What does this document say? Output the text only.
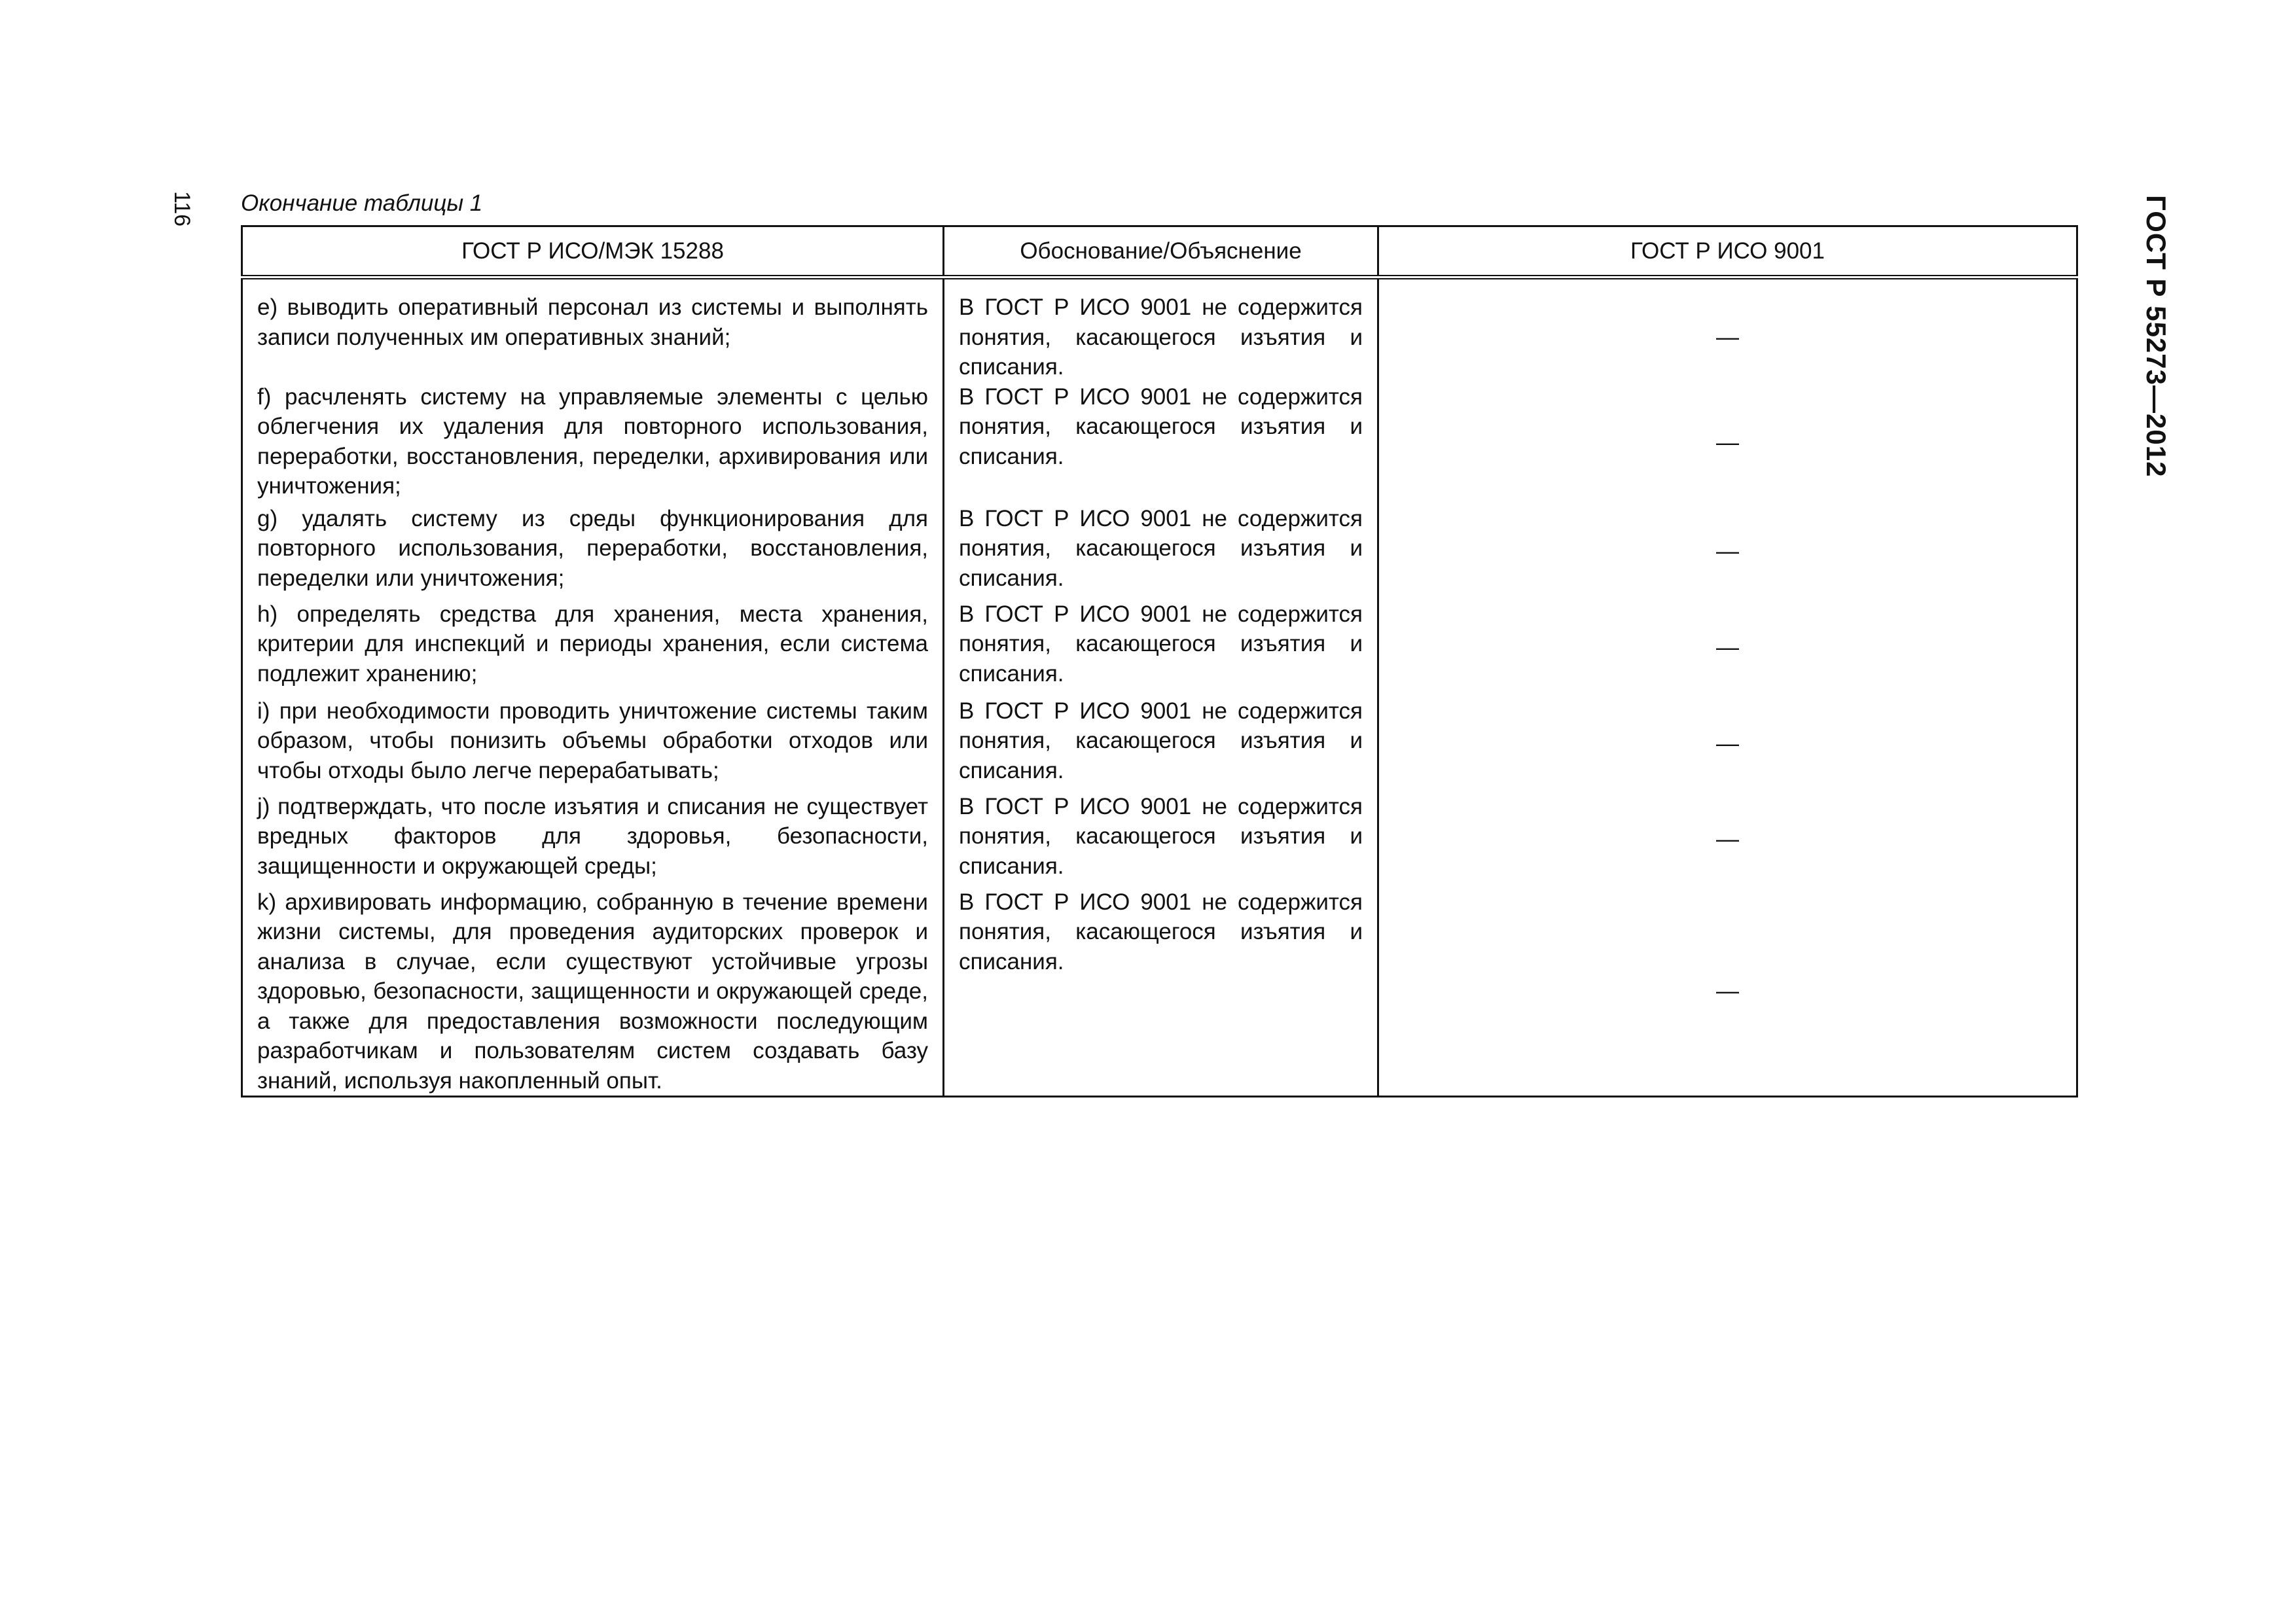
116	ГОСТ Р 55273—2012
Окончание таблицы 1
ГОСТ Р ИСО/МЭК 15288	Обоснование/Объяснение	ГОСТ Р ИСО 9001

e) выводить оперативный персонал из системы и выполнять записи полученных им оперативных знаний;	В ГОСТ Р ИСО 9001 не содержится понятия, касающегося изъятия и списания.	—

f) расчленять систему на управляемые элементы с целью облегчения их удаления для повторного использования, переработки, восстановления, переделки, архивирования или уничтожения;	В ГОСТ Р ИСО 9001 не содержится понятия, касающегося изъятия и списания.	—

g) удалять систему из среды функционирования для повторного использования, переработки, восстановления, переделки или уничтожения;	В ГОСТ Р ИСО 9001 не содержится понятия, касающегося изъятия и списания.	—

h) определять средства для хранения, места хранения, критерии для инспекций и периоды хранения, если система подлежит хранению;	В ГОСТ Р ИСО 9001 не содержится понятия, касающегося изъятия и списания.	—

i) при необходимости проводить уничтожение системы таким образом, чтобы понизить объемы обработки отходов или чтобы отходы было легче перерабатывать;	В ГОСТ Р ИСО 9001 не содержится понятия, касающегося изъятия и списания.	—

j) подтверждать, что после изъятия и списания не существует вредных факторов для здоровья, безопасности, защищенности и окружающей среды;	В ГОСТ Р ИСО 9001 не содержится понятия, касающегося изъятия и списания.	—

k) архивировать информацию, собранную в течение времени жизни системы, для проведения аудиторских проверок и анализа в случае, если существуют устойчивые угрозы здоровью, безопасности, защищенности и окружающей среде, а также для предоставления возможности последующим разработчикам и пользователям систем создавать базу знаний, используя накопленный опыт.	В ГОСТ Р ИСО 9001 не содержится понятия, касающегося изъятия и списания.	—
